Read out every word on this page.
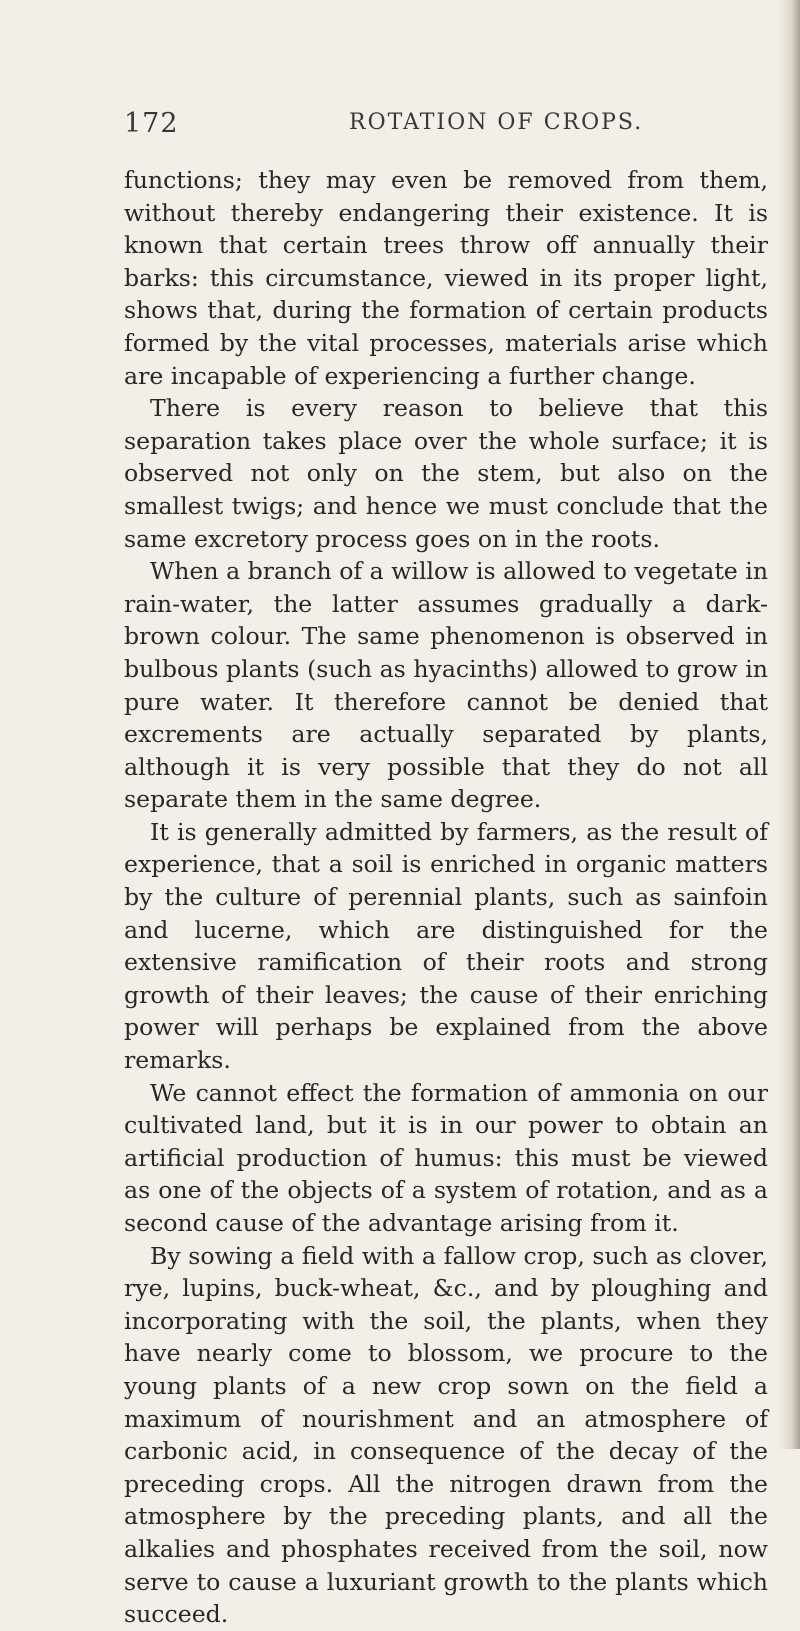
172	ROTATION OF CROPS.

functions; they may even be removed from them, without thereby endangering their existence. It is known that certain trees throw off annually their barks: this circumstance, viewed in its proper light, shows that, during the formation of certain products formed by the vital processes, materials arise which are incapable of experiencing a further change.

There is every reason to believe that this separation takes place over the whole surface; it is observed not only on the stem, but also on the smallest twigs; and hence we must conclude that the same excretory process goes on in the roots.

When a branch of a willow is allowed to vegetate in rain-water, the latter assumes gradually a dark-brown colour. The same phenomenon is observed in bulbous plants (such as hyacinths) allowed to grow in pure water. It therefore cannot be denied that excrements are actually separated by plants, although it is very possible that they do not all separate them in the same degree.

It is generally admitted by farmers, as the result of experience, that a soil is enriched in organic matters by the culture of perennial plants, such as sainfoin and lucerne, which are distinguished for the extensive ramification of their roots and strong growth of their leaves; the cause of their enriching power will perhaps be explained from the above remarks.

We cannot effect the formation of ammonia on our cultivated land, but it is in our power to obtain an artificial production of humus: this must be viewed as one of the objects of a system of rotation, and as a second cause of the advantage arising from it.

By sowing a field with a fallow crop, such as clover, rye, lupins, buck-wheat, &c., and by ploughing and incorporating with the soil, the plants, when they have nearly come to blossom, we procure to the young plants of a new crop sown on the field a maximum of nourishment and an atmosphere of carbonic acid, in consequence of the decay of the preceding crops. All the nitrogen drawn from the atmosphere by the preceding plants, and all the alkalies and phosphates received from the soil, now serve to cause a luxuriant growth to the plants which succeed.
